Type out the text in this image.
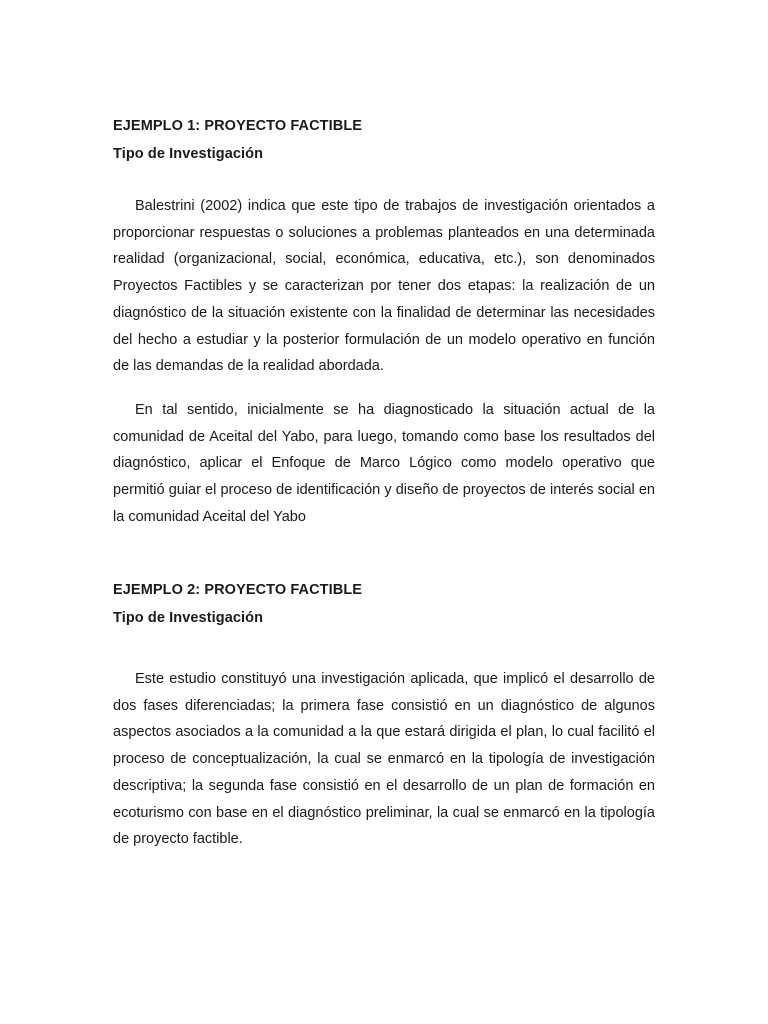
EJEMPLO 1: PROYECTO FACTIBLE
Tipo de Investigación

Balestrini (2002) indica que este tipo de trabajos de investigación orientados a proporcionar respuestas o soluciones a problemas planteados en una determinada realidad (organizacional, social, económica, educativa, etc.), son denominados Proyectos Factibles y se caracterizan por tener dos etapas: la realización de un diagnóstico de la situación existente con la finalidad de determinar las necesidades del hecho a estudiar y la posterior formulación de un modelo operativo en función de las demandas de la realidad abordada.

En tal sentido, inicialmente se ha diagnosticado la situación actual de la comunidad de Aceital del Yabo, para luego, tomando como base los resultados del diagnóstico, aplicar el Enfoque de Marco Lógico como modelo operativo que permitió guiar el proceso de identificación y diseño de proyectos de interés social en la comunidad Aceital del Yabo

EJEMPLO 2: PROYECTO FACTIBLE
Tipo de Investigación

Este estudio constituyó una investigación aplicada, que implicó el desarrollo de dos fases diferenciadas; la primera fase consistió en un diagnóstico de algunos aspectos asociados a la comunidad a la que estará dirigida el plan, lo cual facilitó el proceso de conceptualización, la cual se enmarcó en la tipología de investigación descriptiva; la segunda fase consistió en el desarrollo de un plan de formación en ecoturismo con base en el diagnóstico preliminar, la cual se enmarcó en la tipología de proyecto factible.
